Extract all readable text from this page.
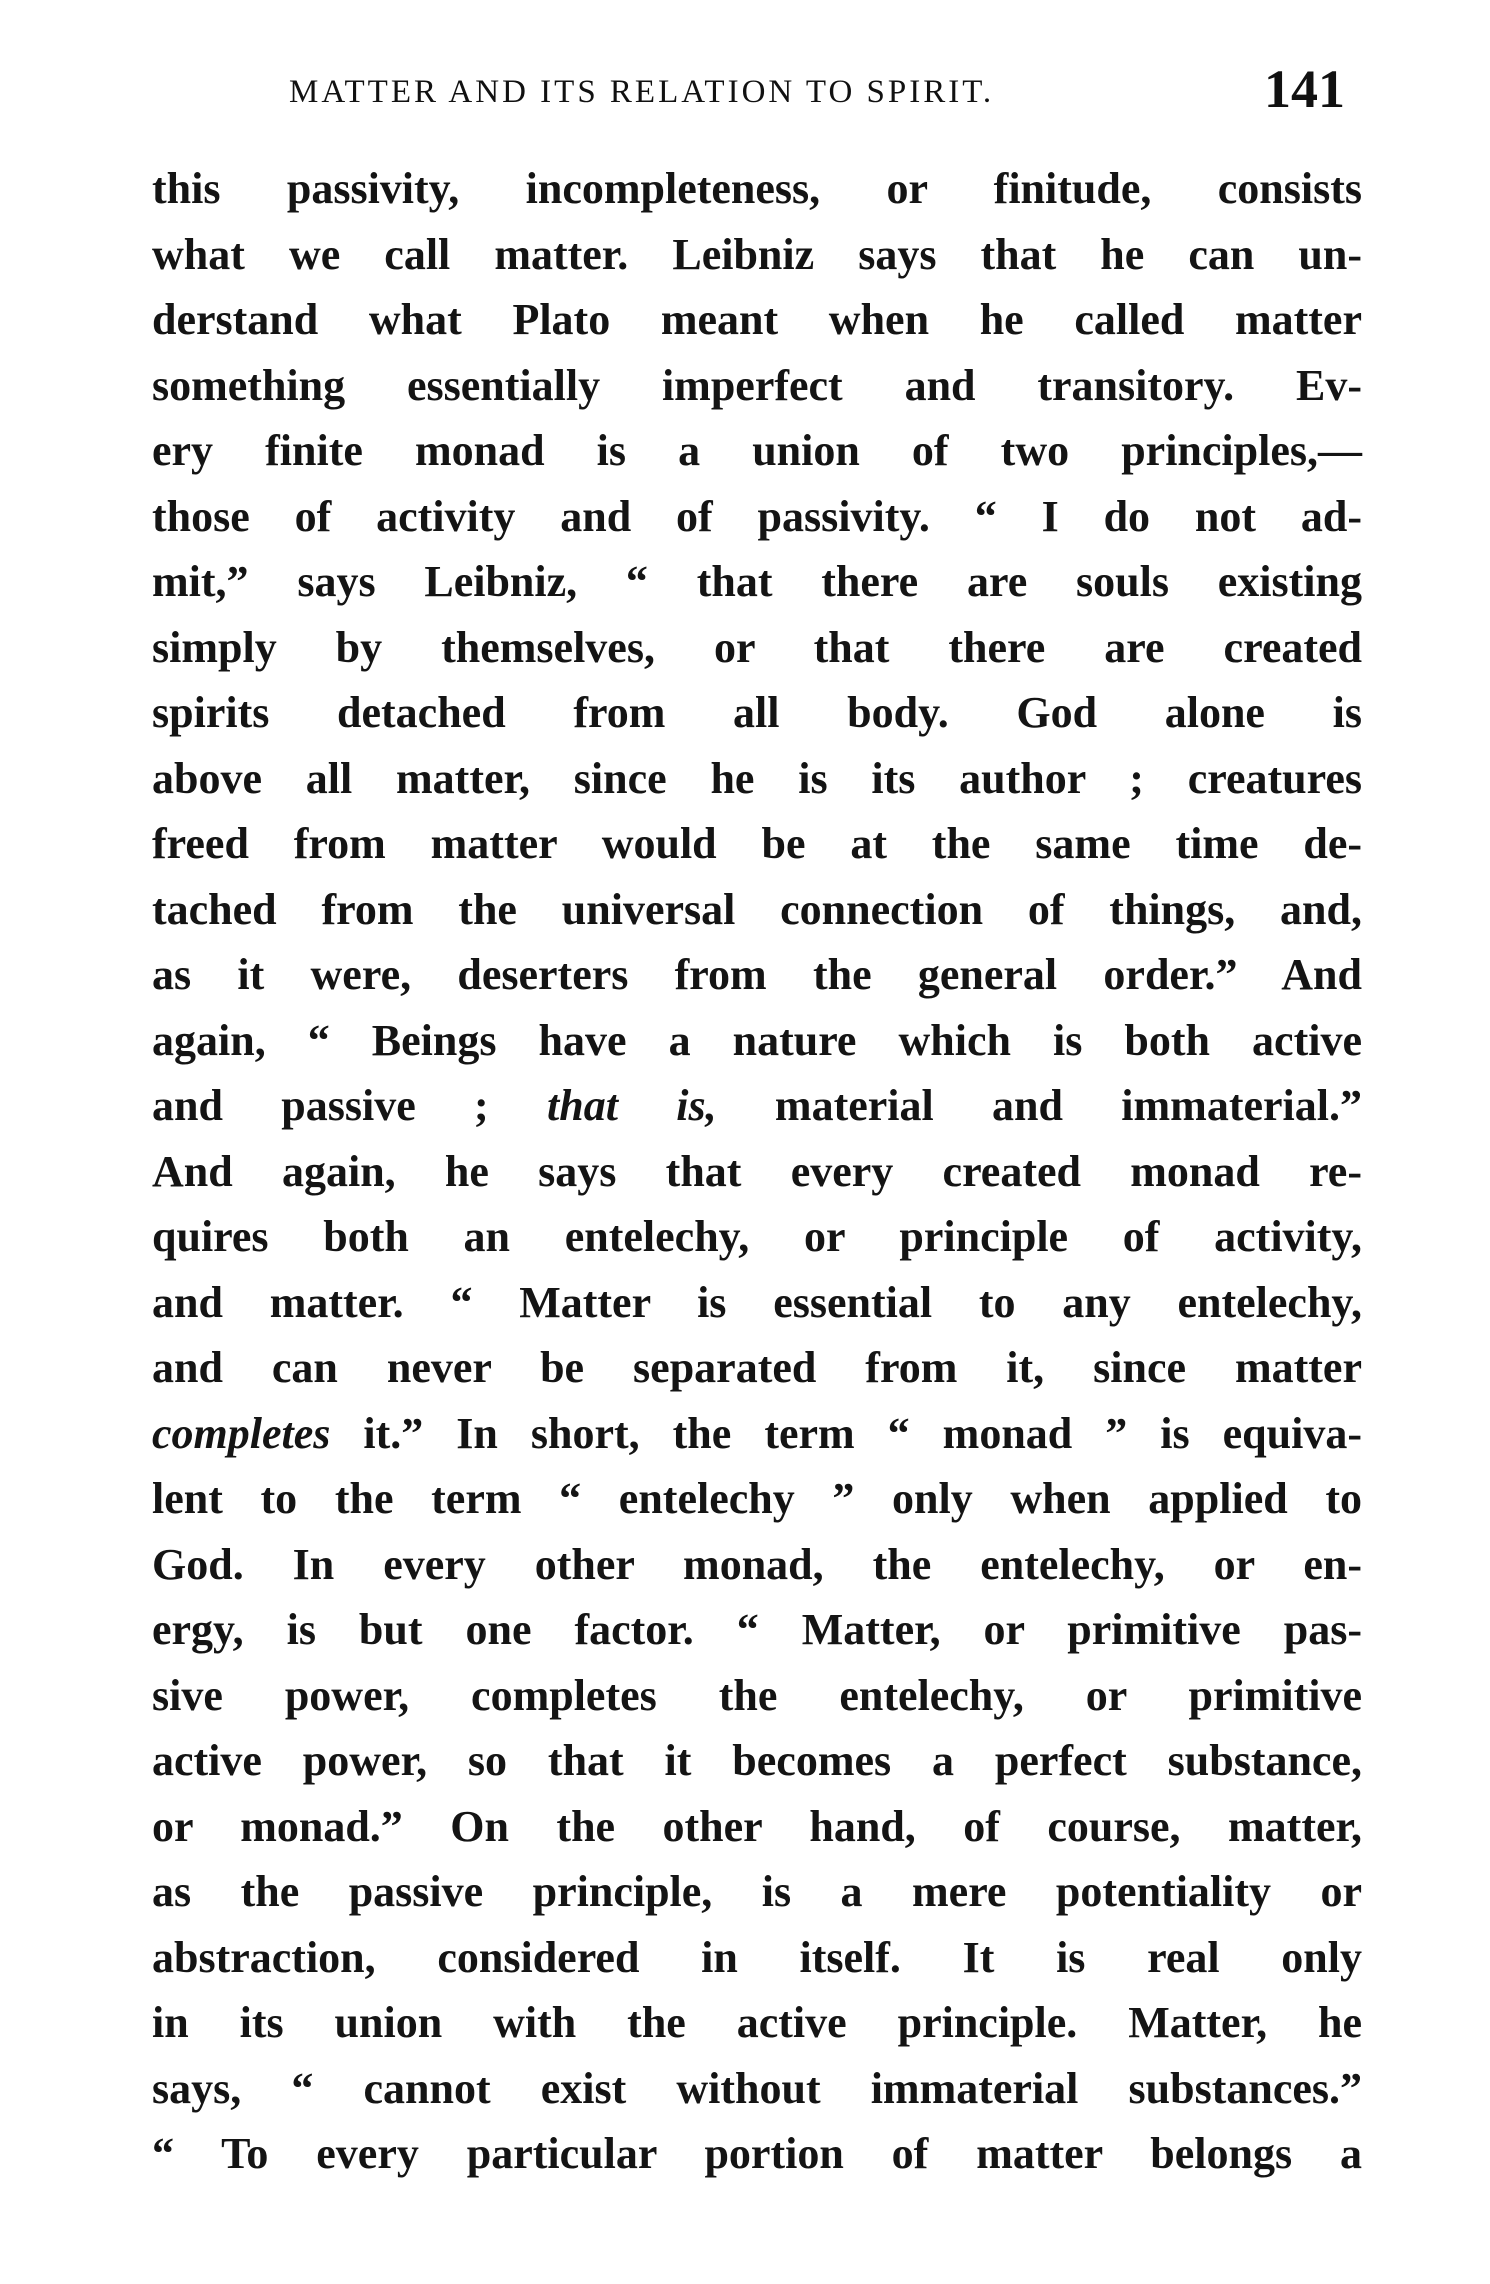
MATTER AND ITS RELATION TO SPIRIT.	141
this passivity, incompleteness, or finitude, consists
what we call matter. Leibniz says that he can un-
derstand what Plato meant when he called matter
something essentially imperfect and transitory. Ev-
ery finite monad is a union of two principles,—
those of activity and of passivity. “ I do not ad-
mit,” says Leibniz, “ that there are souls existing
simply by themselves, or that there are created
spirits detached from all body. God alone is
above all matter, since he is its author ; creatures
freed from matter would be at the same time de-
tached from the universal connection of things, and,
as it were, deserters from the general order.” And
again, “ Beings have a nature which is both active
and passive ; that is, material and immaterial.”
And again, he says that every created monad re-
quires both an entelechy, or principle of activity,
and matter. “ Matter is essential to any entelechy,
and can never be separated from it, since matter
completes it.” In short, the term “ monad ” is equiva-
lent to the term “ entelechy ” only when applied to
God. In every other monad, the entelechy, or en-
ergy, is but one factor. “ Matter, or primitive pas-
sive power, completes the entelechy, or primitive
active power, so that it becomes a perfect substance,
or monad.” On the other hand, of course, matter,
as the passive principle, is a mere potentiality or
abstraction, considered in itself. It is real only
in its union with the active principle. Matter, he
says, “ cannot exist without immaterial substances.”
“ To every particular portion of matter belongs a
